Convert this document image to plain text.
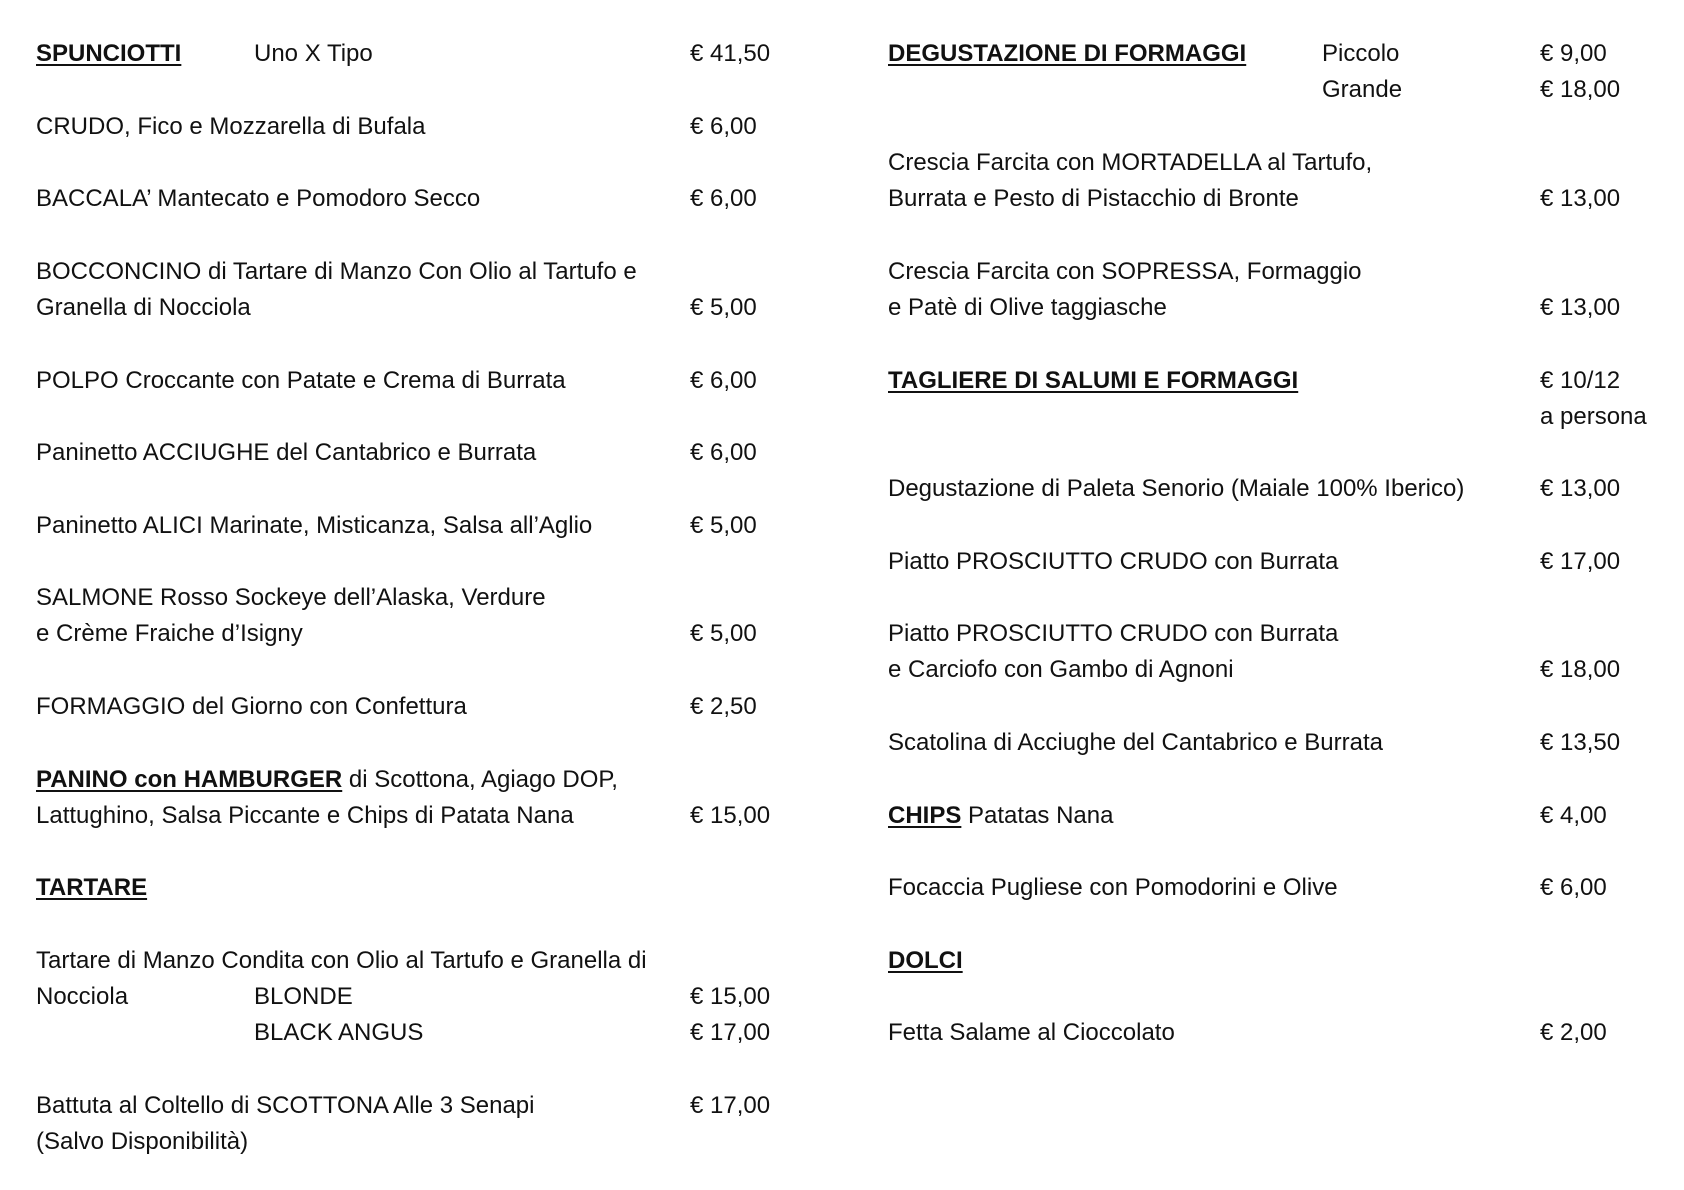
SPUNCIOTTI	Uno X Tipo	€ 41,50
CRUDO, Fico e Mozzarella di Bufala	€ 6,00
BACCALA’ Mantecato e Pomodoro Secco	€ 6,00
BOCCONCINO di Tartare di Manzo Con Olio al Tartufo e
Granella di Nocciola	€ 5,00
POLPO Croccante con Patate e Crema di Burrata	€ 6,00
Paninetto ACCIUGHE del Cantabrico e Burrata	€ 6,00
Paninetto ALICI Marinate, Misticanza, Salsa all’Aglio	€ 5,00
SALMONE Rosso Sockeye dell’Alaska, Verdure
e Crème Fraiche d’Isigny	€ 5,00
FORMAGGIO del Giorno con Confettura	€ 2,50
PANINO con HAMBURGER di Scottona, Agiago DOP,
Lattughino, Salsa Piccante e Chips di Patata Nana	€ 15,00
TARTARE
Tartare di Manzo Condita con Olio al Tartufo e Granella di
Nocciola	BLONDE	€ 15,00
BLACK ANGUS	€ 17,00
Battuta al Coltello di SCOTTONA Alle 3 Senapi	€ 17,00
(Salvo Disponibilità)
DEGUSTAZIONE DI FORMAGGI	Piccolo	€ 9,00
Grande	€ 18,00
Crescia Farcita con MORTADELLA al Tartufo,
Burrata e Pesto di Pistacchio di Bronte	€ 13,00
Crescia Farcita con SOPRESSA, Formaggio
e Patè di Olive taggiasche	€ 13,00
TAGLIERE DI SALUMI E FORMAGGI	€ 10/12
a persona
Degustazione di Paleta Senorio (Maiale 100% Iberico)	€ 13,00
Piatto PROSCIUTTO CRUDO con Burrata	€ 17,00
Piatto PROSCIUTTO CRUDO con Burrata
e Carciofo con Gambo di Agnoni	€ 18,00
Scatolina di Acciughe del Cantabrico e Burrata	€ 13,50
CHIPS Patatas Nana	€ 4,00
Focaccia Pugliese con Pomodorini e Olive	€ 6,00
DOLCI
Fetta Salame al Cioccolato	€ 2,00
